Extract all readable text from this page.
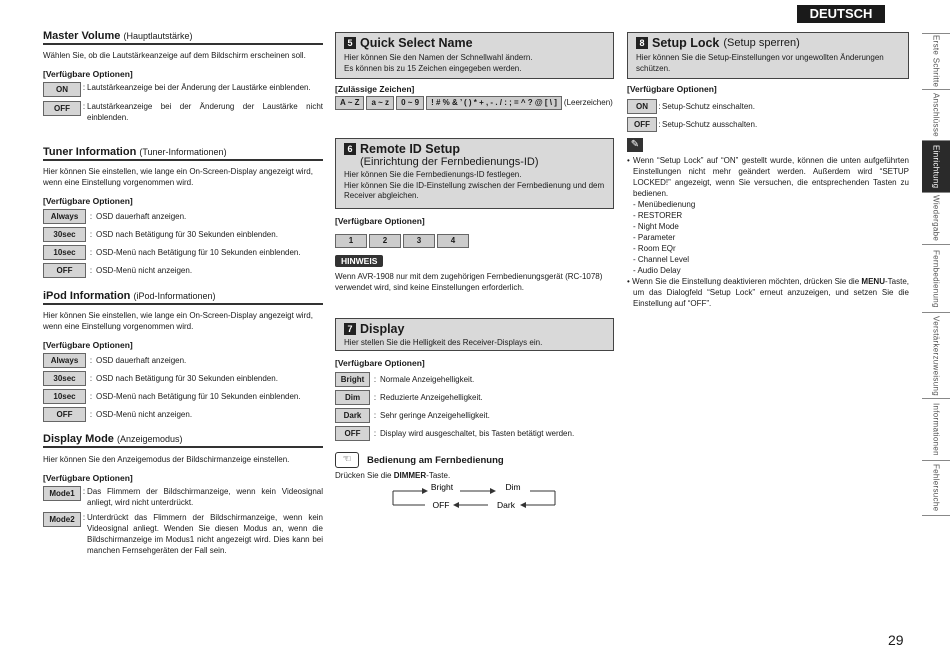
DEUTSCH
Erste Schritte
Anschlüsse
Einrichtung
Wiedergabe
Fernbedienung
Verstärkerzuweisung
Informationen
Fehlersuche
Master Volume (Hauptlautstärke)
Wählen Sie, ob die Lautstärkeanzeige auf dem Bildschirm erscheinen soll.
[Verfügbare Optionen]
ON	: Lautstärkeanzeige bei der Änderung der Laustärke einblenden.
OFF	: Lautstärkeanzeige bei der Änderung der Laustärke nicht einblenden.
Tuner Information (Tuner-Informationen)
Hier können Sie einstellen, wie lange ein On-Screen-Display angezeigt wird, wenn eine Einstellung vorgenommen wird.
[Verfügbare Optionen]
Always	: OSD dauerhaft anzeigen.
30sec	: OSD nach Betätigung für 30 Sekunden einblenden.
10sec	: OSD-Menü nach Betätigung für 10 Sekunden einblenden.
OFF	: OSD-Menü nicht anzeigen.
iPod Information (iPod-Informationen)
Hier können Sie einstellen, wie lange ein On-Screen-Display angezeigt wird, wenn eine Einstellung vorgenommen wird.
[Verfügbare Optionen]
Always	: OSD dauerhaft anzeigen.
30sec	: OSD nach Betätigung für 30 Sekunden einblenden.
10sec	: OSD-Menü nach Betätigung für 10 Sekunden einblenden.
OFF	: OSD-Menü nicht anzeigen.
Display Mode (Anzeigemodus)
Hier können Sie den Anzeigemodus der Bildschirmanzeige einstellen.
[Verfügbare Optionen]
Mode1	: Das Flimmern der Bildschirmanzeige, wenn kein Videosignal anliegt, wird nicht unterdrückt.
Mode2	: Unterdrückt das Flimmern der Bildschirmanzeige, wenn kein Videosignal anliegt. Wenden Sie diesen Modus an, wenn die Bildschirmanzeige im Modus1 nicht angezeigt wird. Dies kann bei manchen Fernsehgeräten der Fall sein.
5 Quick Select Name
Hier können Sie den Namen der Schnellwahl ändern.
Es können bis zu 15 Zeichen eingegeben werden.
[Zulässige Zeichen]
A ~ Z a ~ z 0 ~ 9 ! # % & ’ ( ) * + , - . / : ; = ^ ? @ [ \ ] (Leerzeichen)
6 Remote ID Setup
(Einrichtung der Fernbedienungs-ID)
Hier können Sie die Fernbedienungs-ID festlegen.
Hier können Sie die ID-Einstellung zwischen der Fernbedienung und dem Receiver abgleichen.
[Verfügbare Optionen]
1	2	3	4
HINWEIS
Wenn AVR-1908 nur mit dem zugehörigen Fernbedienungsgerät (RC-1078) verwendet wird, sind keine Einstellungen erforderlich.
7 Display
Hier stellen Sie die Helligkeit des Receiver-Displays ein.
[Verfügbare Optionen]
Bright	: Normale Anzeigehelligkeit.
Dim	: Reduzierte Anzeigehelligkeit.
Dark	: Sehr geringe Anzeigehelligkeit.
OFF	: Display wird ausgeschaltet, bis Tasten betätigt werden.
☜	Bedienung am Fernbedienung
Drücken Sie die DIMMER-Taste.
Bright	Dim
OFF	Dark
8 Setup Lock (Setup sperren)
Hier können Sie die Setup-Einstellungen vor ungewollten Änderungen schützen.
[Verfügbare Optionen]
ON	: Setup-Schutz einschalten.
OFF	: Setup-Schutz ausschalten.
✎
• Wenn “Setup Lock” auf “ON” gestellt wurde, können die unten aufgeführten Einstellungen nicht mehr geändert werden. Außerdem wird “SETUP LOCKED!” angezeigt, wenn Sie versuchen, die entsprechenden Tasten zu bedienen.
- Menübedienung
- RESTORER
- Night Mode
- Parameter
- Room EQr
- Channel Level
- Audio Delay
• Wenn Sie die Einstellung deaktivieren möchten, drücken Sie die MENU-Taste, um das Dialogfeld “Setup Lock” erneut anzuzeigen, und setzen Sie die Einstellung auf “OFF”.
29
